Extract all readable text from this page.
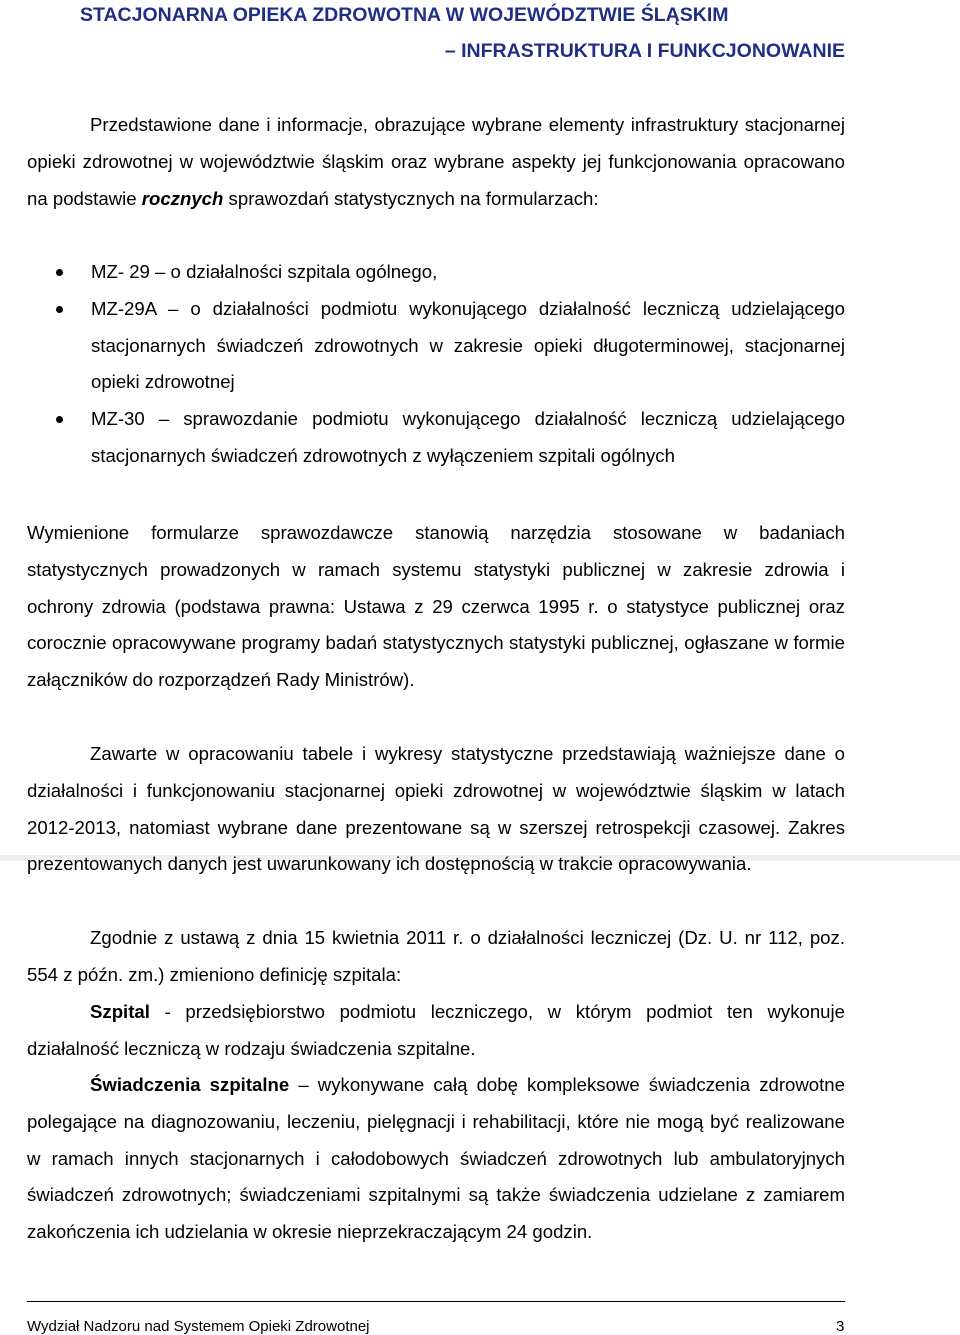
STACJONARNA OPIEKA ZDROWOTNA W WOJEWÓDZTWIE ŚLĄSKIM
– INFRASTRUKTURA I FUNKCJONOWANIE
Przedstawione dane i informacje, obrazujące wybrane elementy infrastruktury stacjonarnej opieki zdrowotnej w województwie śląskim oraz wybrane aspekty jej funkcjonowania opracowano na podstawie rocznych sprawozdań statystycznych na formularzach:
MZ- 29 – o działalności szpitala ogólnego,
MZ-29A – o działalności podmiotu wykonującego działalność leczniczą udzielającego stacjonarnych świadczeń zdrowotnych w zakresie opieki długoterminowej, stacjonarnej opieki zdrowotnej
MZ-30 – sprawozdanie podmiotu wykonującego działalność leczniczą udzielającego stacjonarnych świadczeń zdrowotnych z wyłączeniem szpitali ogólnych
Wymienione formularze sprawozdawcze stanowią narzędzia stosowane w badaniach statystycznych prowadzonych w ramach systemu statystyki publicznej w zakresie zdrowia i ochrony zdrowia (podstawa prawna: Ustawa z 29 czerwca 1995 r. o statystyce publicznej oraz corocznie opracowywane programy badań statystycznych statystyki publicznej, ogłaszane w formie załączników do rozporządzeń Rady Ministrów).
Zawarte w opracowaniu tabele i wykresy statystyczne przedstawiają ważniejsze dane o działalności i funkcjonowaniu stacjonarnej opieki zdrowotnej w województwie śląskim w latach 2012-2013, natomiast wybrane dane prezentowane są w szerszej retrospekcji czasowej. Zakres prezentowanych danych jest uwarunkowany ich dostępnością w trakcie opracowywania.
Zgodnie z ustawą z dnia 15 kwietnia 2011 r. o działalności leczniczej (Dz. U. nr 112, poz. 554 z późn. zm.) zmieniono definicję szpitala:
Szpital - przedsiębiorstwo podmiotu leczniczego, w którym podmiot ten wykonuje działalność leczniczą w rodzaju świadczenia szpitalne.
Świadczenia szpitalne – wykonywane całą dobę kompleksowe świadczenia zdrowotne polegające na diagnozowaniu, leczeniu, pielęgnacji i rehabilitacji, które nie mogą być realizowane w ramach innych stacjonarnych i całodobowych świadczeń zdrowotnych lub ambulatoryjnych świadczeń zdrowotnych; świadczeniami szpitalnymi są także świadczenia udzielane z zamiarem zakończenia ich udzielania w okresie nieprzekraczającym 24 godzin.
Wydział Nadzoru nad Systemem Opieki Zdrowotnej	3
